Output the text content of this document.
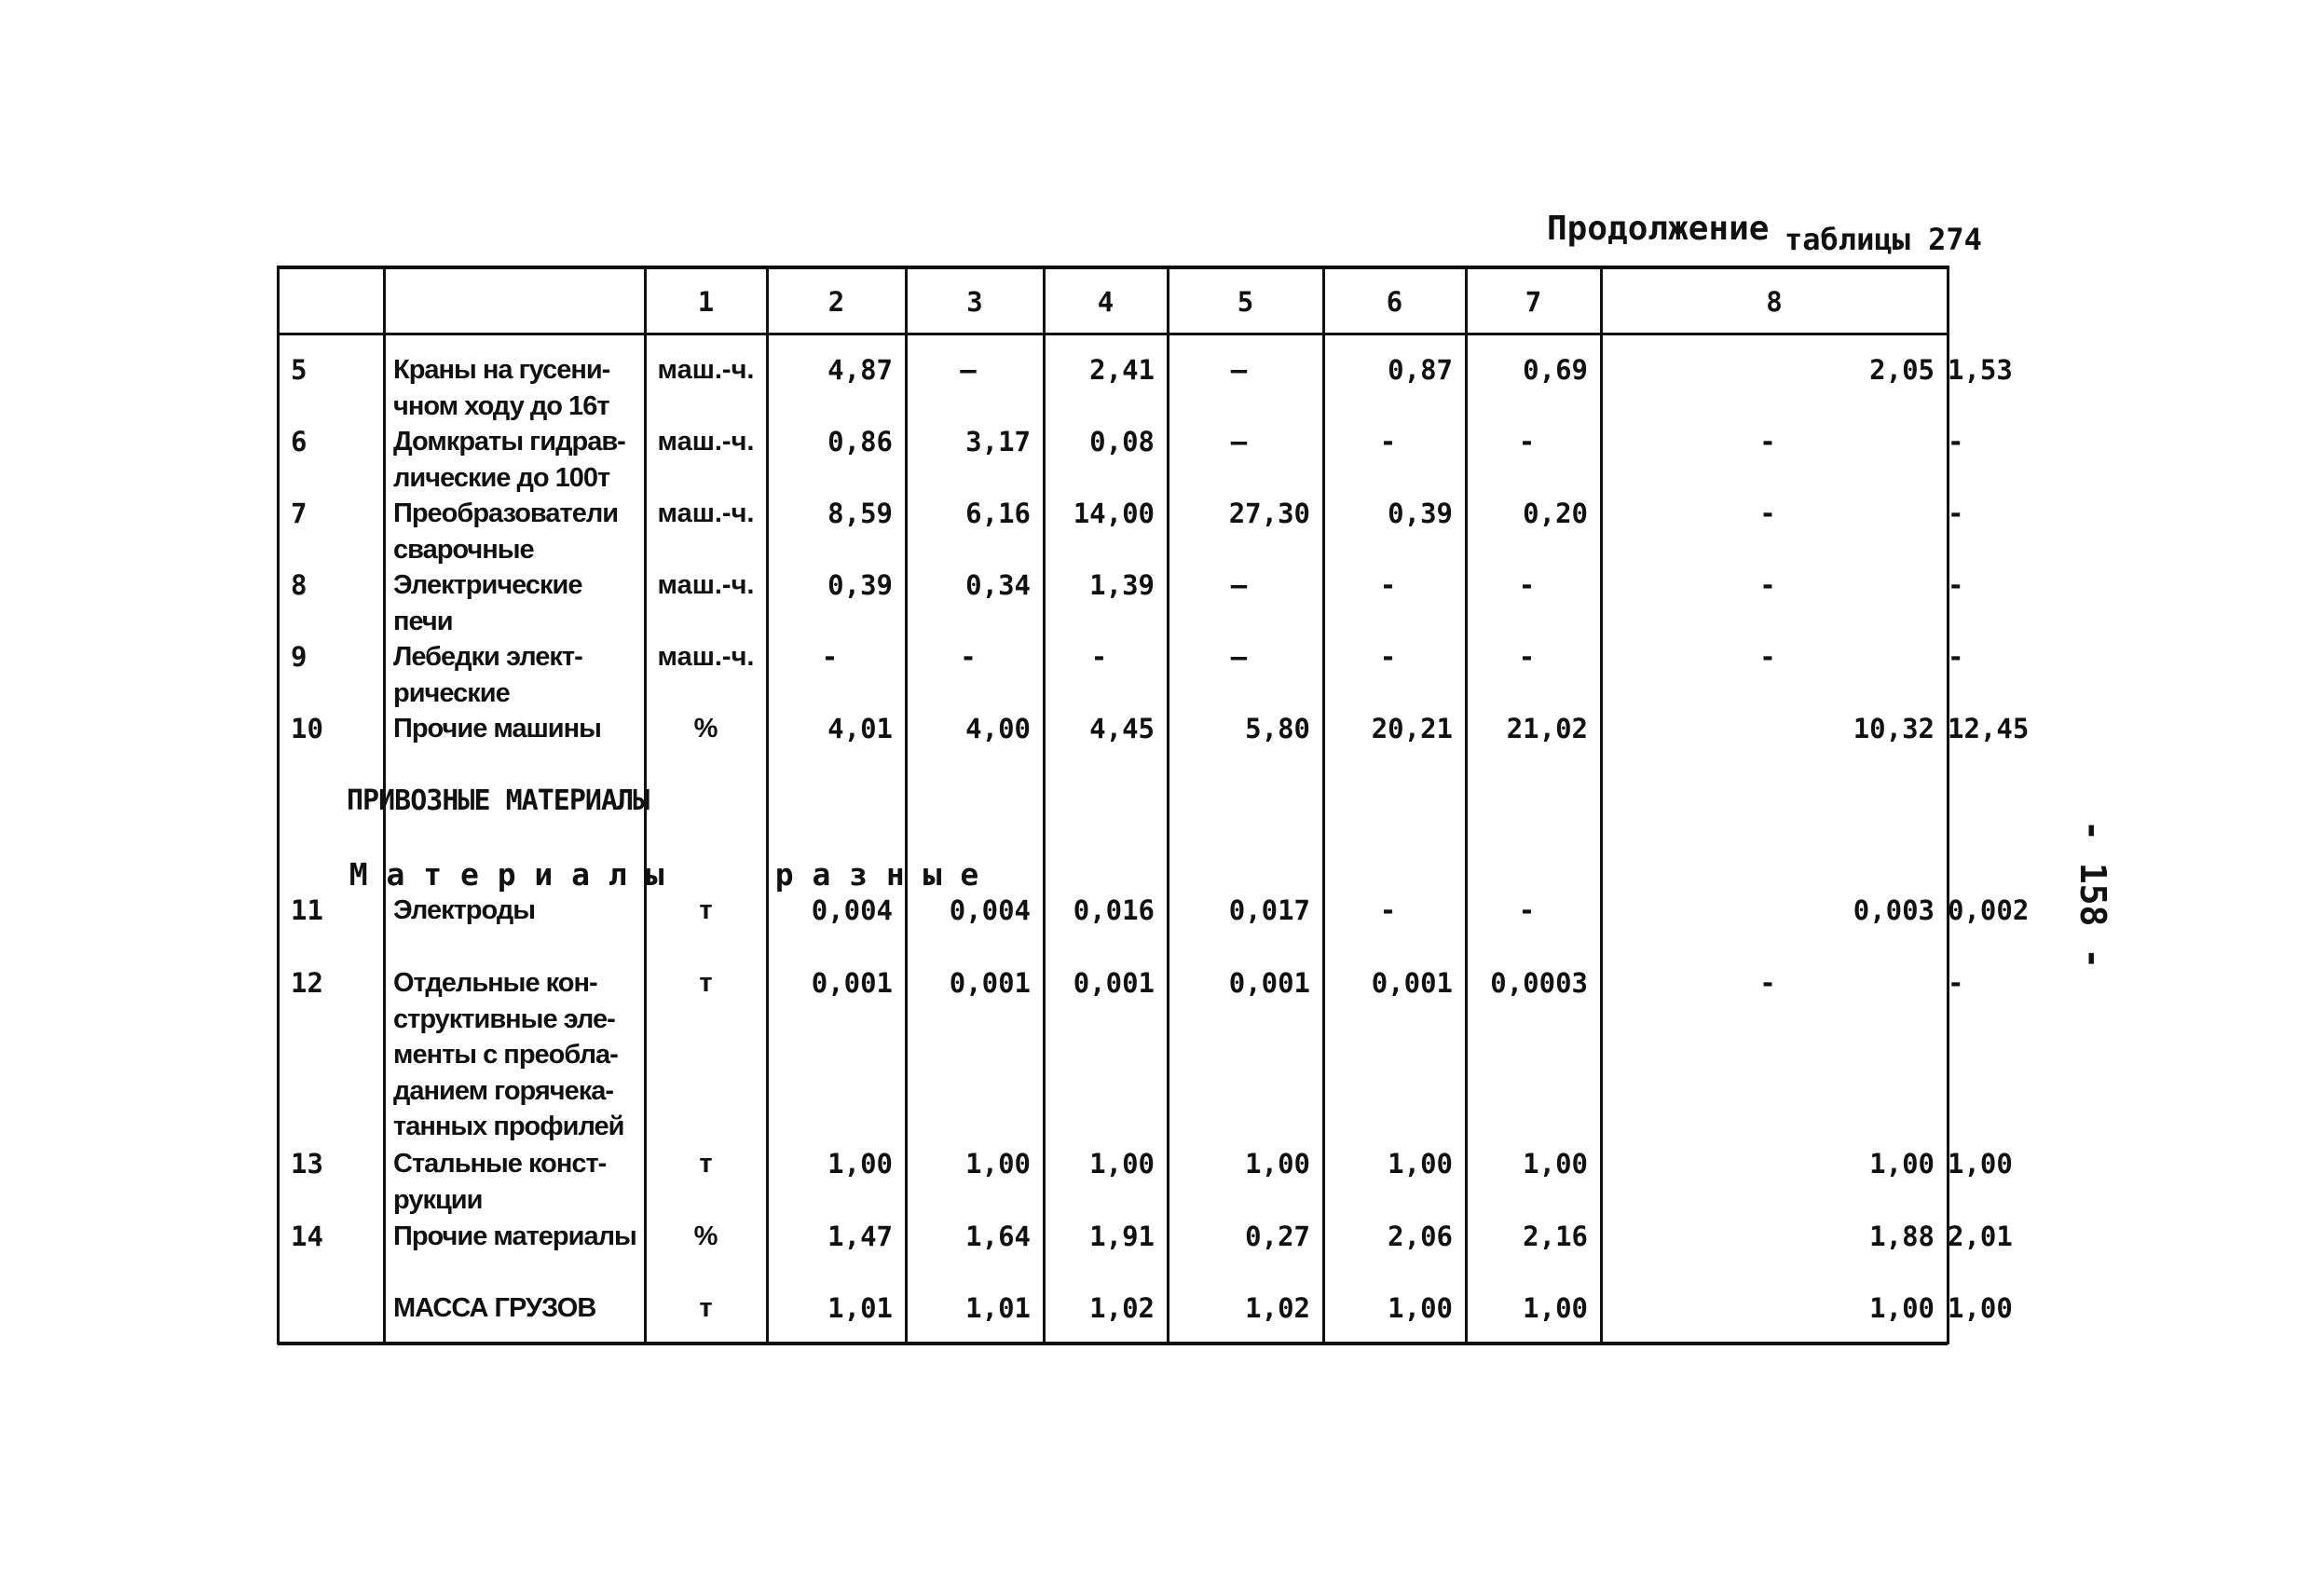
Продолжение таблицы 274
- 158 -
1	2	3	4	5	6	7	8
5	Краны на гусени-
чном ходу до 16т
маш.-ч.	4,87	–	2,41	–	0,87	0,69	2,05 1,53
6	Домкраты гидрав-
лические до 100т
маш.-ч.	0,86	3,17	0,08	–	-	-	-	-
7	Преобразователи
сварочные
маш.-ч.	8,59	6,16	14,00	27,30	0,39	0,20	-	-
8	Электрические
печи
маш.-ч.	0,39	0,34	1,39	–	-	-	-	-
9	Лебедки элект-
рические
маш.-ч.	-	-	-	–	-	-	-	-
10	Прочие машины	%	4,01	4,00	4,45	5,80	20,21	21,02	10,32 12,45
11	Электроды	т	0,004	0,004	0,016	0,017	-	-	0,003 0,002
12	Отдельные кон-
структивные эле-
менты с преобла-
данием горячека-
танных профилей
т	0,001	0,001	0,001	0,001	0,001	0,0003	-	-
13	Стальные конст-
рукции
т	1,00	1,00	1,00	1,00	1,00	1,00	1,00 1,00
14	Прочие материалы	%	1,47	1,64	1,91	0,27	2,06	2,16	1,88 2,01
МАССА ГРУЗОВ	т	1,01	1,01	1,02	1,02	1,00	1,00	1,00 1,00
ПРИВОЗНЫЕ МАТЕРИАЛЫ

М а т е р и а л ы      р а з н ы е
